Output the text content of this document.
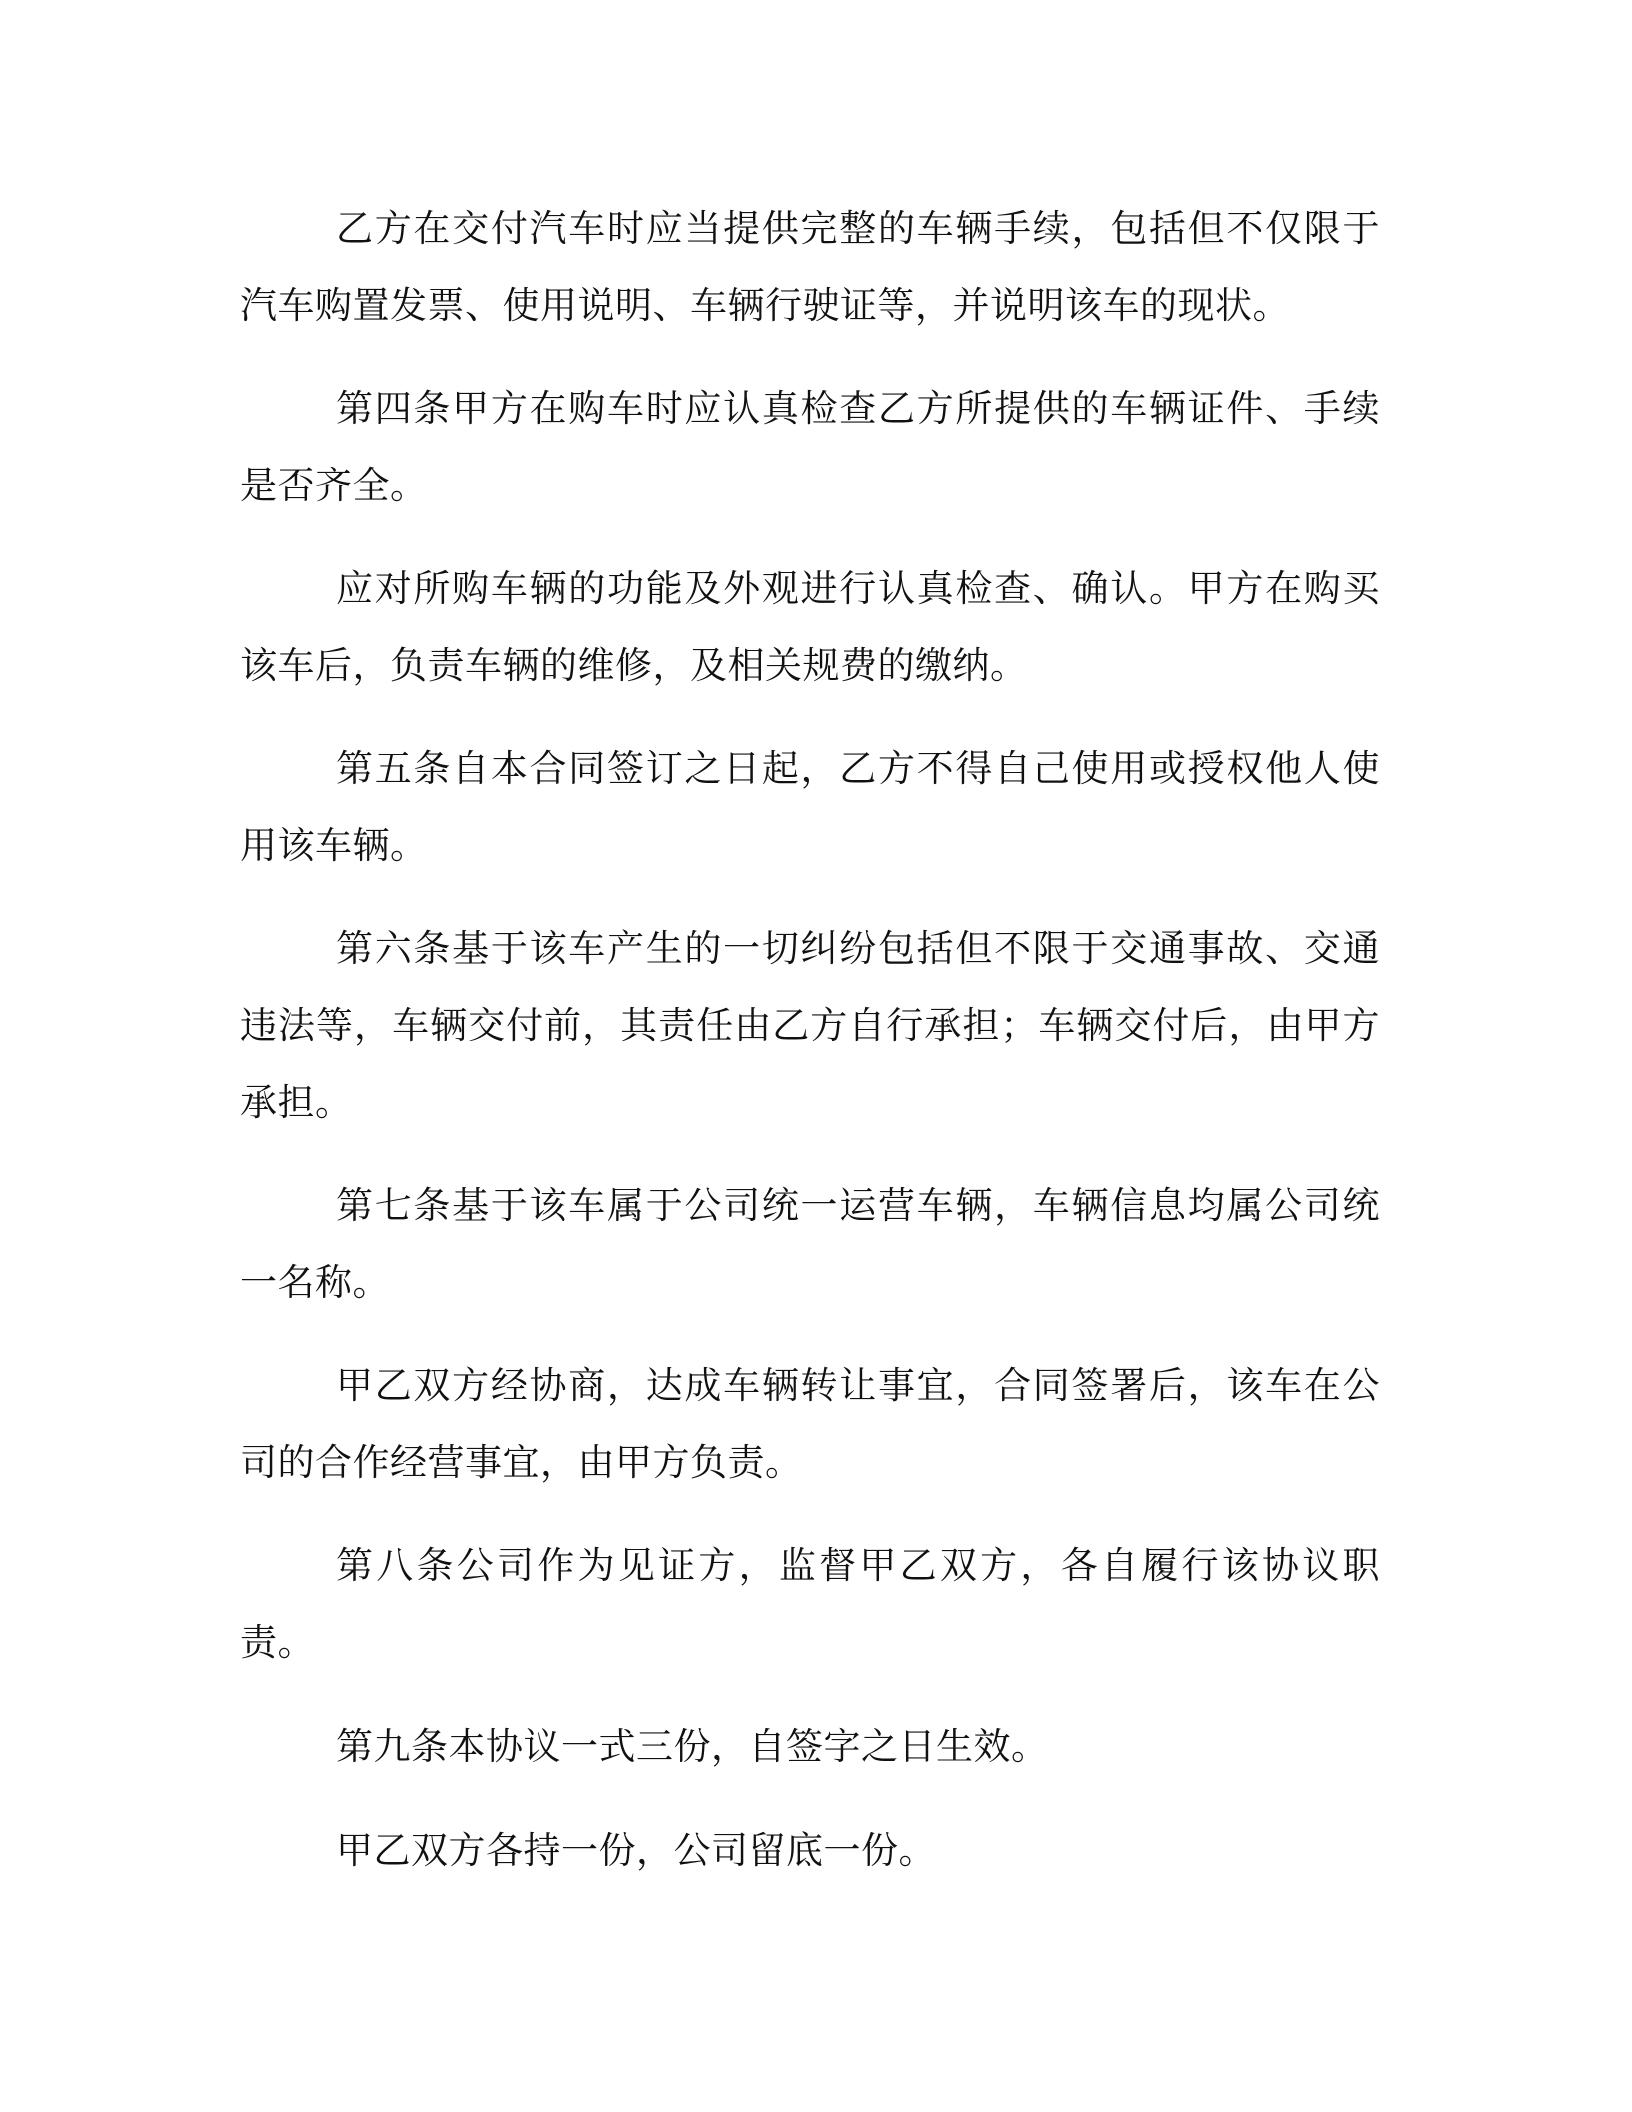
乙方在交付汽车时应当提供完整的车辆手续，包括但不仅限于汽车购置发票、使用说明、车辆行驶证等，并说明该车的现状。

第四条甲方在购车时应认真检查乙方所提供的车辆证件、手续是否齐全。

应对所购车辆的功能及外观进行认真检查、确认。甲方在购买该车后，负责车辆的维修，及相关规费的缴纳。

第五条自本合同签订之日起，乙方不得自己使用或授权他人使用该车辆。

第六条基于该车产生的一切纠纷包括但不限于交通事故、交通违法等，车辆交付前，其责任由乙方自行承担；车辆交付后，由甲方承担。

第七条基于该车属于公司统一运营车辆，车辆信息均属公司统一名称。

甲乙双方经协商，达成车辆转让事宜，合同签署后，该车在公司的合作经营事宜，由甲方负责。

第八条公司作为见证方，监督甲乙双方，各自履行该协议职责。

第九条本协议一式三份，自签字之日生效。

甲乙双方各持一份，公司留底一份。
